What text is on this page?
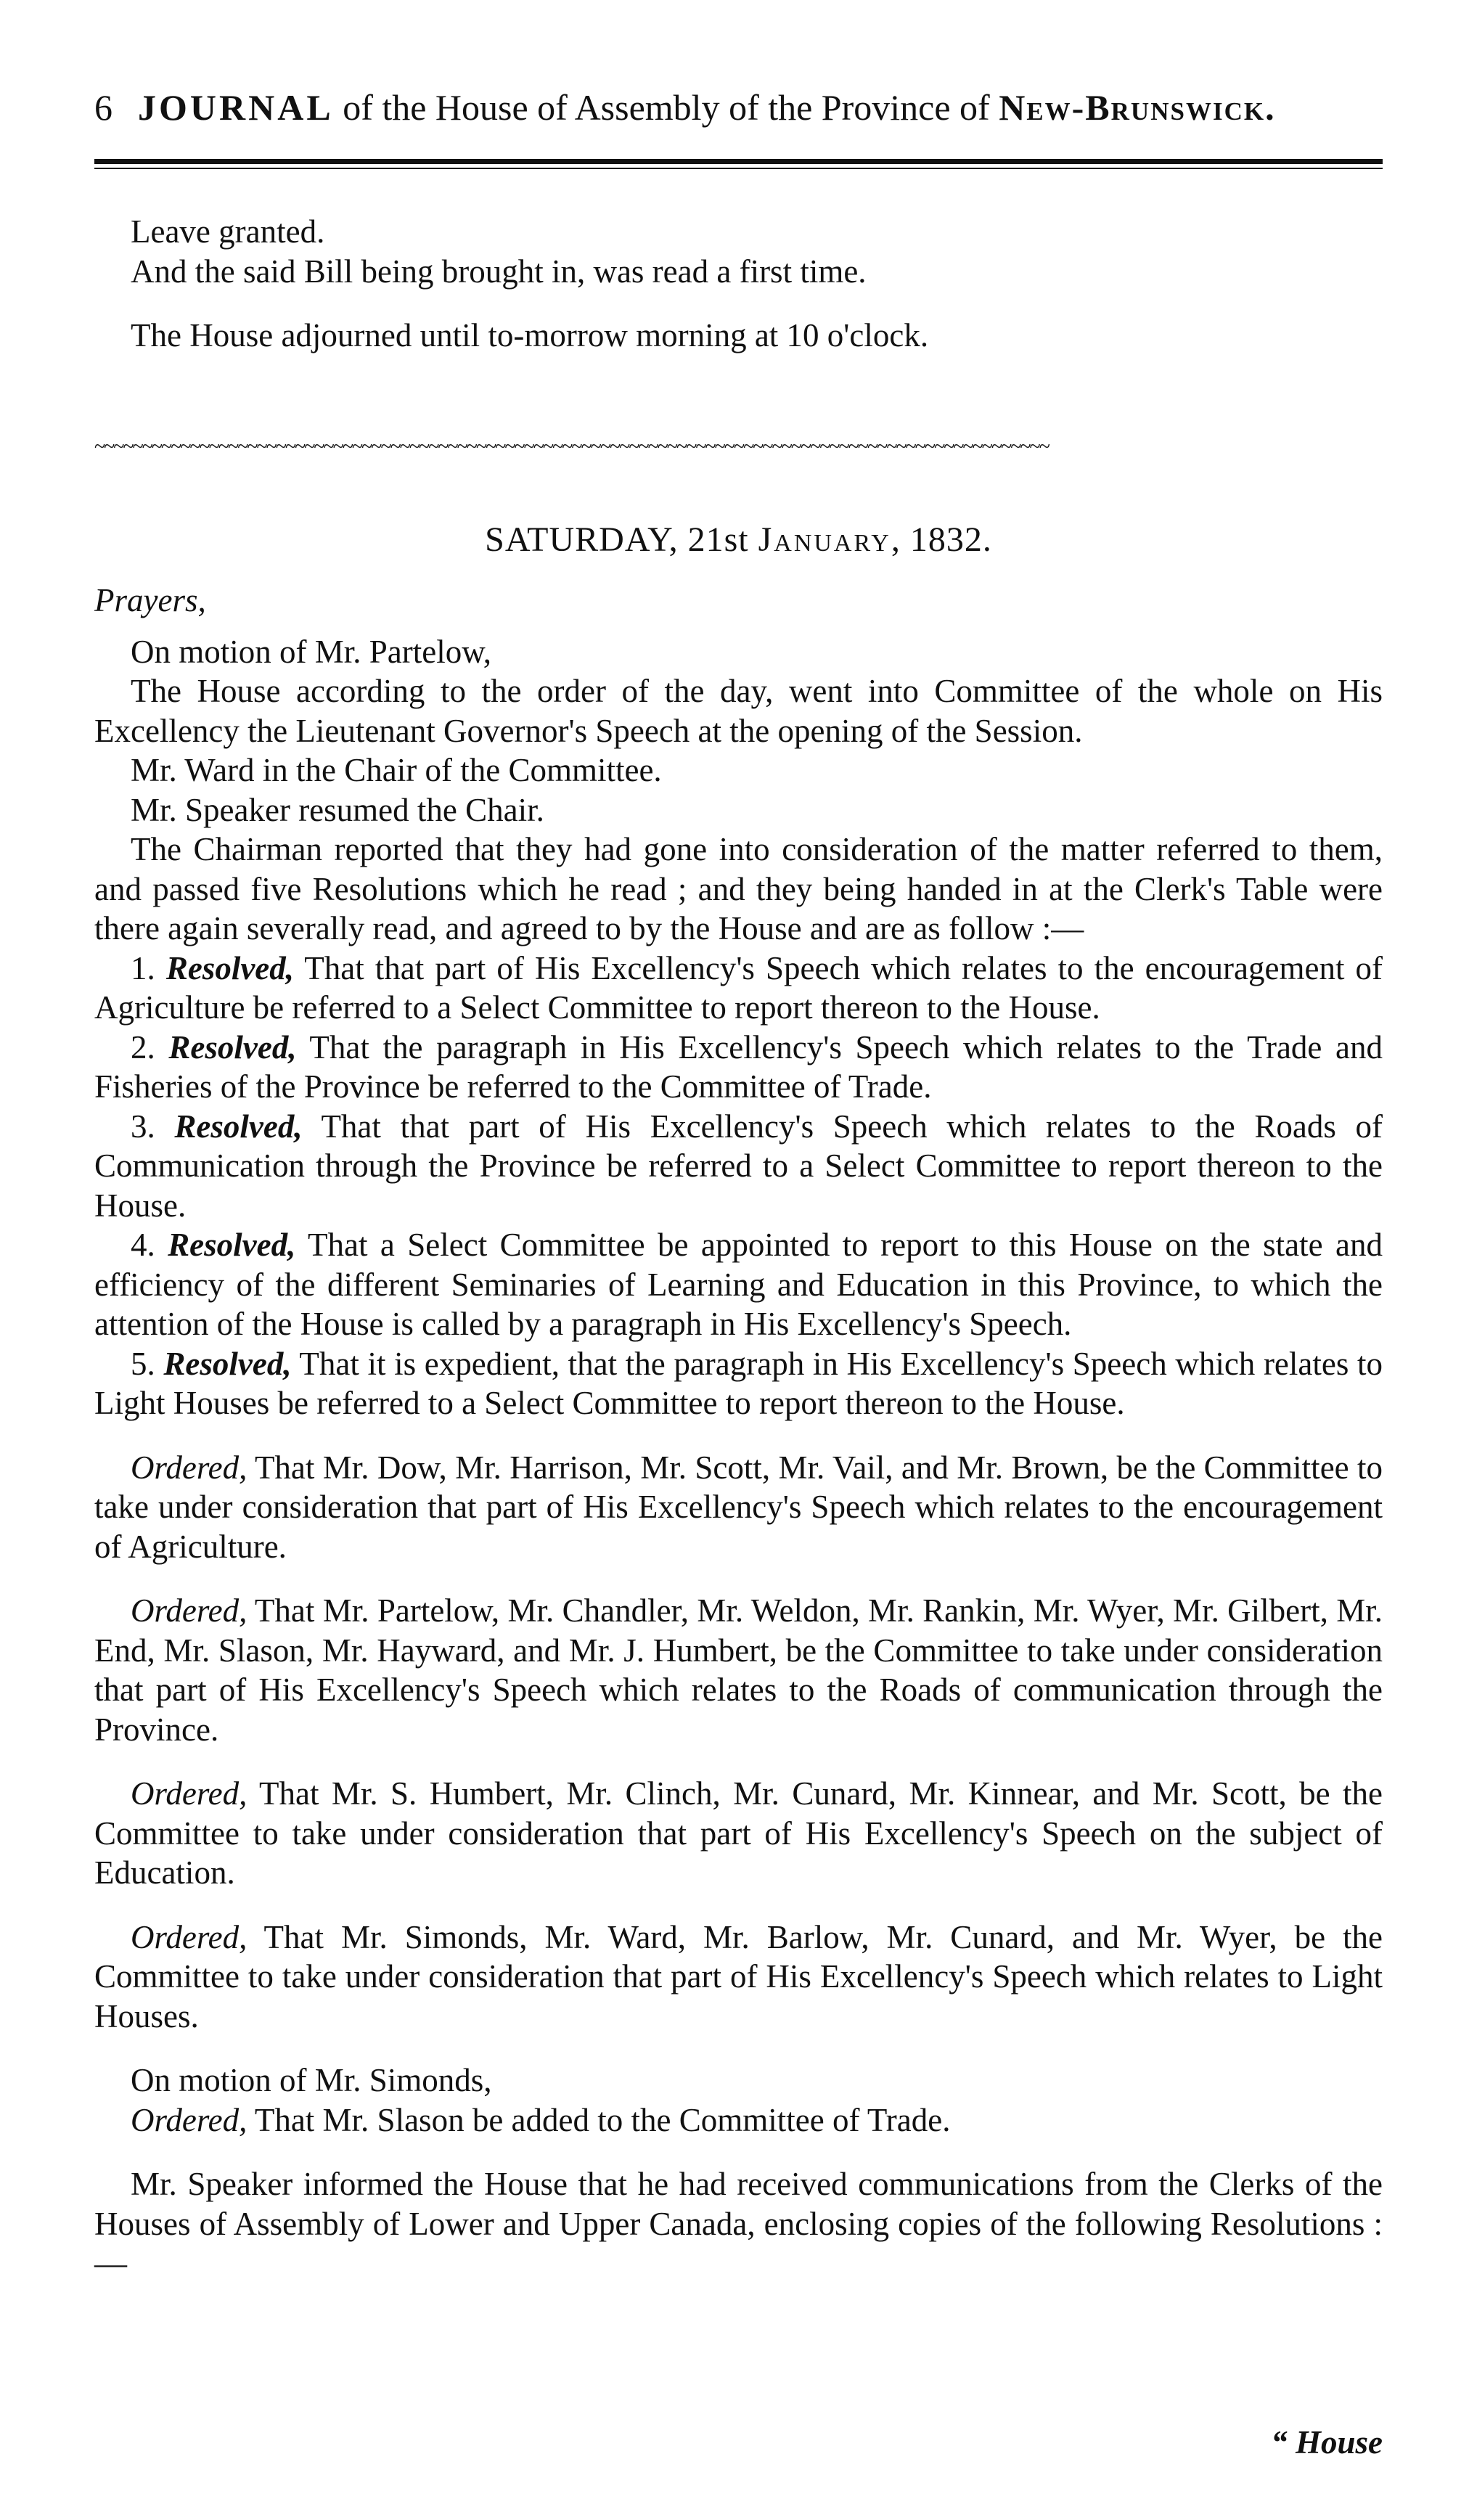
6 JOURNAL of the House of Assembly of the Province of New-Brunswick.

Leave granted.

And the said Bill being brought in, was read a first time.

The House adjourned until to-morrow morning at 10 o'clock.

~~~~~~~~~~~~~~~~~~~~~~~~~~~~~~~~~~~~~~~~~~~~~~~~~~~~~~~~~~~~~~~~~~~~~~~~~~~~~~~~~~~~~~~~~~~~~~~~~~~~
SATURDAY, 21st January, 1832.

Prayers,

On motion of Mr. Partelow,

The House according to the order of the day, went into Committee of the whole on His Excellency the Lieutenant Governor's Speech at the opening of the Session.

Mr. Ward in the Chair of the Committee.

Mr. Speaker resumed the Chair.

The Chairman reported that they had gone into consideration of the matter referred to them, and passed five Resolutions which he read ; and they being handed in at the Clerk's Table were there again severally read, and agreed to by the House and are as follow :—

1. Resolved, That that part of His Excellency's Speech which relates to the encouragement of Agriculture be referred to a Select Committee to report thereon to the House.

2. Resolved, That the paragraph in His Excellency's Speech which relates to the Trade and Fisheries of the Province be referred to the Committee of Trade.

3. Resolved, That that part of His Excellency's Speech which relates to the Roads of Communication through the Province be referred to a Select Committee to report thereon to the House.

4. Resolved, That a Select Committee be appointed to report to this House on the state and efficiency of the different Seminaries of Learning and Education in this Province, to which the attention of the House is called by a paragraph in His Excellency's Speech.

5. Resolved, That it is expedient, that the paragraph in His Excellency's Speech which relates to Light Houses be referred to a Select Committee to report thereon to the House.

Ordered, That Mr. Dow, Mr. Harrison, Mr. Scott, Mr. Vail, and Mr. Brown, be the Committee to take under consideration that part of His Excellency's Speech which relates to the encouragement of Agriculture.

Ordered, That Mr. Partelow, Mr. Chandler, Mr. Weldon, Mr. Rankin, Mr. Wyer, Mr. Gilbert, Mr. End, Mr. Slason, Mr. Hayward, and Mr. J. Humbert, be the Committee to take under consideration that part of His Excellency's Speech which relates to the Roads of communication through the Province.

Ordered, That Mr. S. Humbert, Mr. Clinch, Mr. Cunard, Mr. Kinnear, and Mr. Scott, be the Committee to take under consideration that part of His Excellency's Speech on the subject of Education.

Ordered, That Mr. Simonds, Mr. Ward, Mr. Barlow, Mr. Cunard, and Mr. Wyer, be the Committee to take under consideration that part of His Excellency's Speech which relates to Light Houses.

On motion of Mr. Simonds,

Ordered, That Mr. Slason be added to the Committee of Trade.

Mr. Speaker informed the House that he had received communications from the Clerks of the Houses of Assembly of Lower and Upper Canada, enclosing copies of the following Resolutions :—

“ House
